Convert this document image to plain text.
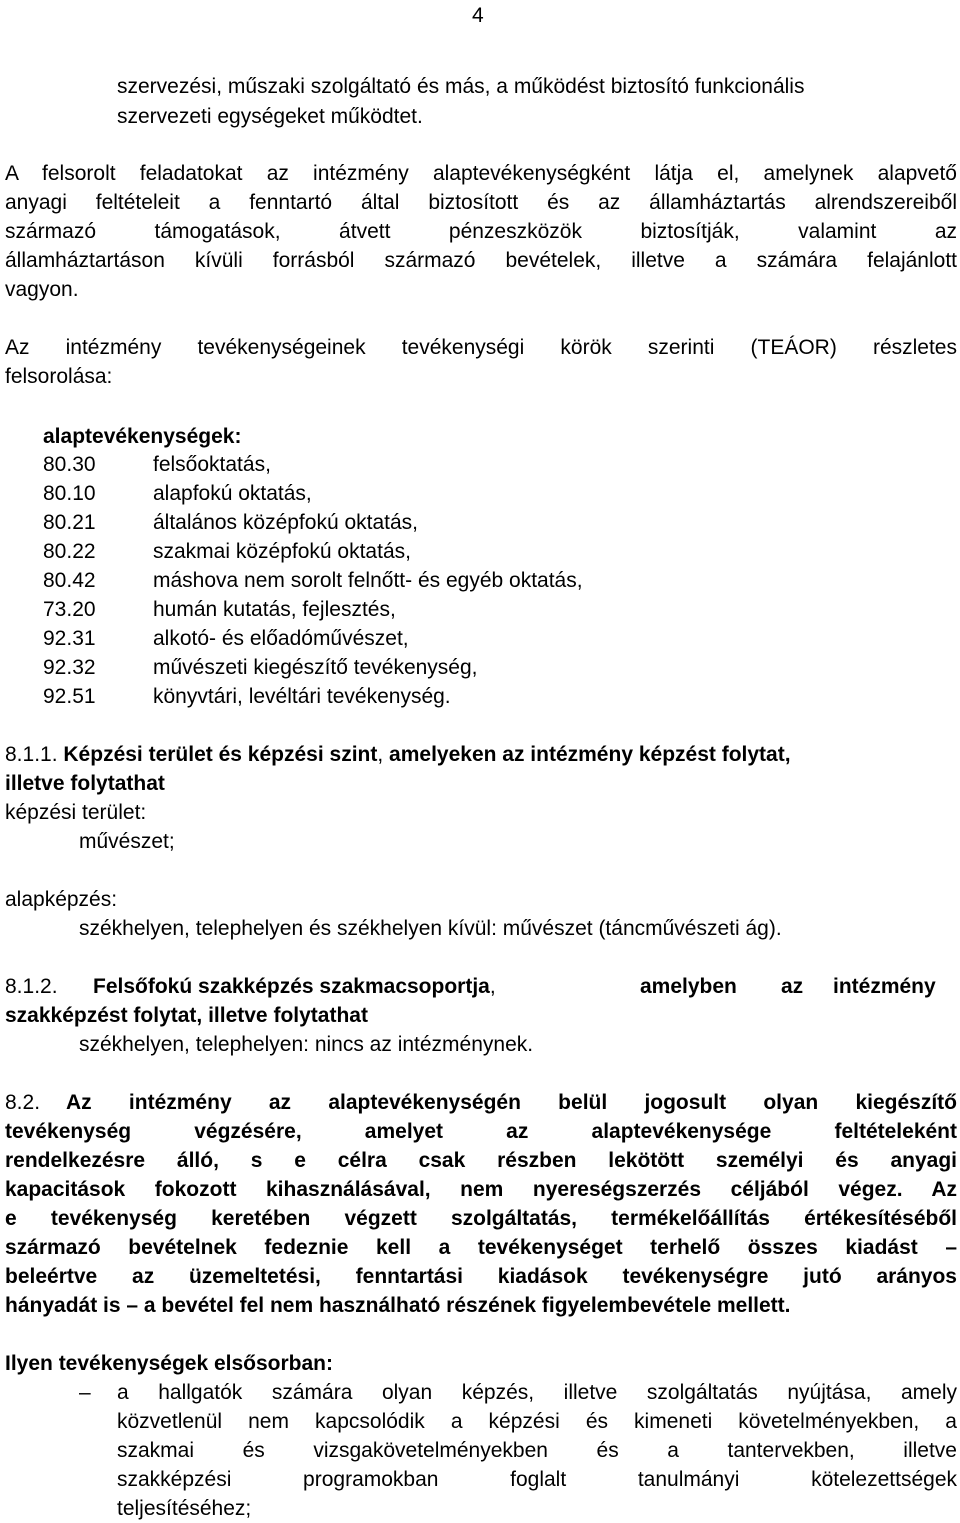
4
szervezési, műszaki szolgáltató és más, a működést biztosító funkcionális
szervezeti egységeket működtet.
A felsorolt feladatokat az intézmény alaptevékenységként látja el, amelynek alapvető
anyagi feltételeit a fenntartó által biztosított és az államháztartás alrendszereiből
származó támogatások, átvett pénzeszközök biztosítják, valamint az
államháztartáson kívüli forrásból származó bevételek, illetve a számára felajánlott
vagyon.
Az intézmény tevékenységeinek tevékenységi körök szerinti (TEÁOR) részletes
felsorolása:
alaptevékenységek:
80.30	felsőoktatás,
80.10	alapfokú oktatás,
80.21	általános középfokú oktatás,
80.22	szakmai középfokú oktatás,
80.42	máshova nem sorolt felnőtt- és egyéb oktatás,
73.20	humán kutatás, fejlesztés,
92.31	alkotó- és előadóművészet,
92.32	művészeti kiegészítő tevékenység,
92.51	könyvtári, levéltári tevékenység.
8.1.1. Képzési terület és képzési szint, amelyeken az intézmény képzést folytat,
illetve folytathat
képzési terület:
művészet;
alapképzés:
székhelyen, telephelyen és székhelyen kívül: művészet (táncművészeti ág).
8.1.2. Felsőfokú szakképzés szakmacsoportja,	amelyben az intézmény
szakképzést folytat, illetve folytathat
székhelyen, telephelyen: nincs az intézménynek.
8.2. Az intézmény az alaptevékenységén belül jogosult olyan kiegészítő
tevékenység végzésére, amelyet az alaptevékenysége feltételeként
rendelkezésre álló, s e célra csak részben lekötött személyi és anyagi
kapacitások fokozott kihasználásával, nem nyereségszerzés céljából végez. Az
e tevékenység keretében végzett szolgáltatás, termékelőállítás értékesítéséből
származó bevételnek fedeznie kell a tevékenységet terhelő összes kiadást –
beleértve az üzemeltetési, fenntartási kiadások tevékenységre jutó arányos
hányadát is – a bevétel fel nem használható részének figyelembevétele mellett.
Ilyen tevékenységek elsősorban:
– a hallgatók számára olyan képzés, illetve szolgáltatás nyújtása, amely
közvetlenül nem kapcsolódik a képzési és kimeneti követelményekben, a
szakmai és vizsgakövetelményekben és a tantervekben, illetve
szakképzési programokban foglalt tanulmányi kötelezettségek
teljesítéséhez;
